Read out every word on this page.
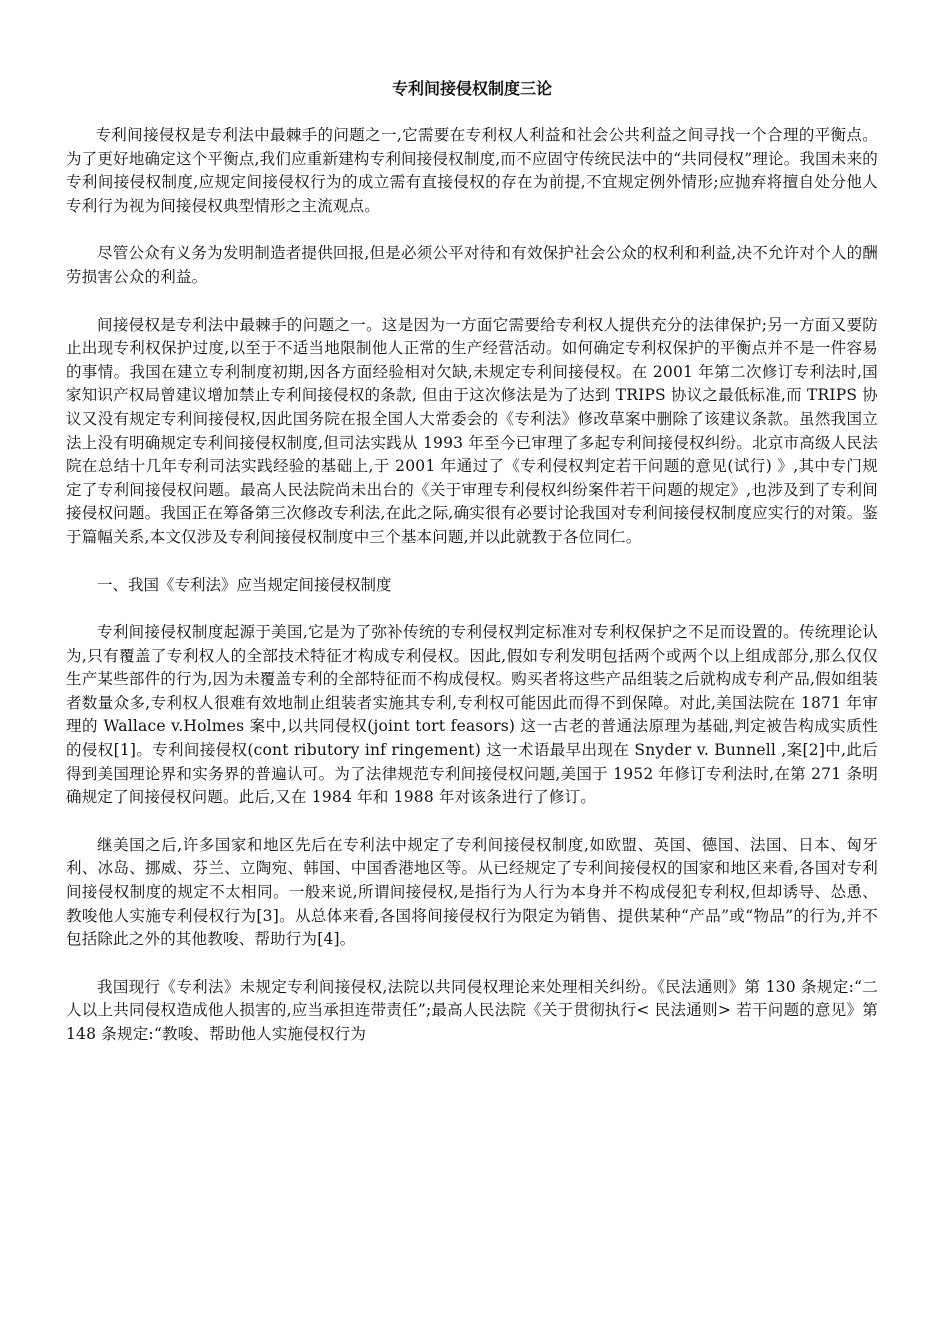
专利间接侵权制度三论

专利间接侵权是专利法中最棘手的问题之一,它需要在专利权人利益和社会公共利益之间寻找一个合理的平衡点。为了更好地确定这个平衡点,我们应重新建构专利间接侵权制度,而不应固守传统民法中的“共同侵权”理论。我国未来的专利间接侵权制度,应规定间接侵权行为的成立需有直接侵权的存在为前提,不宜规定例外情形;应抛弃将擅自处分他人专利行为视为间接侵权典型情形之主流观点。

尽管公众有义务为发明制造者提供回报,但是必须公平对待和有效保护社会公众的权利和利益,决不允许对个人的酬劳损害公众的利益。

间接侵权是专利法中最棘手的问题之一。这是因为一方面它需要给专利权人提供充分的法律保护;另一方面又要防止出现专利权保护过度,以至于不适当地限制他人正常的生产经营活动。如何确定专利权保护的平衡点并不是一件容易的事情。我国在建立专利制度初期,因各方面经验相对欠缺,未规定专利间接侵权。在 2001 年第二次修订专利法时,国家知识产权局曾建议增加禁止专利间接侵权的条款, 但由于这次修法是为了达到 TRIPS 协议之最低标准,而 TRIPS 协议又没有规定专利间接侵权,因此国务院在报全国人大常委会的《专利法》修改草案中删除了该建议条款。虽然我国立法上没有明确规定专利间接侵权制度,但司法实践从 1993 年至今已审理了多起专利间接侵权纠纷。北京市高级人民法院在总结十几年专利司法实践经验的基础上,于 2001 年通过了《专利侵权判定若干问题的意见(试行) 》,其中专门规定了专利间接侵权问题。最高人民法院尚未出台的《关于审理专利侵权纠纷案件若干问题的规定》,也涉及到了专利间接侵权问题。我国正在筹备第三次修改专利法,在此之际,确实很有必要讨论我国对专利间接侵权制度应实行的对策。鉴于篇幅关系,本文仅涉及专利间接侵权制度中三个基本问题,并以此就教于各位同仁。

一、我国《专利法》应当规定间接侵权制度

专利间接侵权制度起源于美国,它是为了弥补传统的专利侵权判定标准对专利权保护之不足而设置的。传统理论认为,只有覆盖了专利权人的全部技术特征才构成专利侵权。因此,假如专利发明包括两个或两个以上组成部分,那么仅仅生产某些部件的行为,因为未覆盖专利的全部特征而不构成侵权。购买者将这些产品组装之后就构成专利产品,假如组装者数量众多,专利权人很难有效地制止组装者实施其专利,专利权可能因此而得不到保障。对此,美国法院在 1871 年审理的 Wallace v.Holmes 案中,以共同侵权(joint tort feasors) 这一古老的普通法原理为基础,判定被告构成实质性的侵权[1]。专利间接侵权(cont ributory inf ringement) 这一术语最早出现在 Snyder v. Bunnell ,案[2]中,此后得到美国理论界和实务界的普遍认可。为了法律规范专利间接侵权问题,美国于 1952 年修订专利法时,在第 271 条明确规定了间接侵权问题。此后,又在 1984 年和 1988 年对该条进行了修订。

继美国之后,许多国家和地区先后在专利法中规定了专利间接侵权制度,如欧盟、英国、德国、法国、日本、匈牙利、冰岛、挪威、芬兰、立陶宛、韩国、中国香港地区等。从已经规定了专利间接侵权的国家和地区来看,各国对专利间接侵权制度的规定不太相同。一般来说,所谓间接侵权,是指行为人行为本身并不构成侵犯专利权,但却诱导、怂恿、教唆他人实施专利侵权行为[3]。从总体来看,各国将间接侵权行为限定为销售、提供某种“产品”或“物品”的行为,并不包括除此之外的其他教唆、帮助行为[4]。

我国现行《专利法》未规定专利间接侵权,法院以共同侵权理论来处理相关纠纷。《民法通则》第 130 条规定:“二人以上共同侵权造成他人损害的,应当承担连带责任”;最高人民法院《关于贯彻执行< 民法通则> 若干问题的意见》第 148 条规定:“教唆、帮助他人实施侵权行为
